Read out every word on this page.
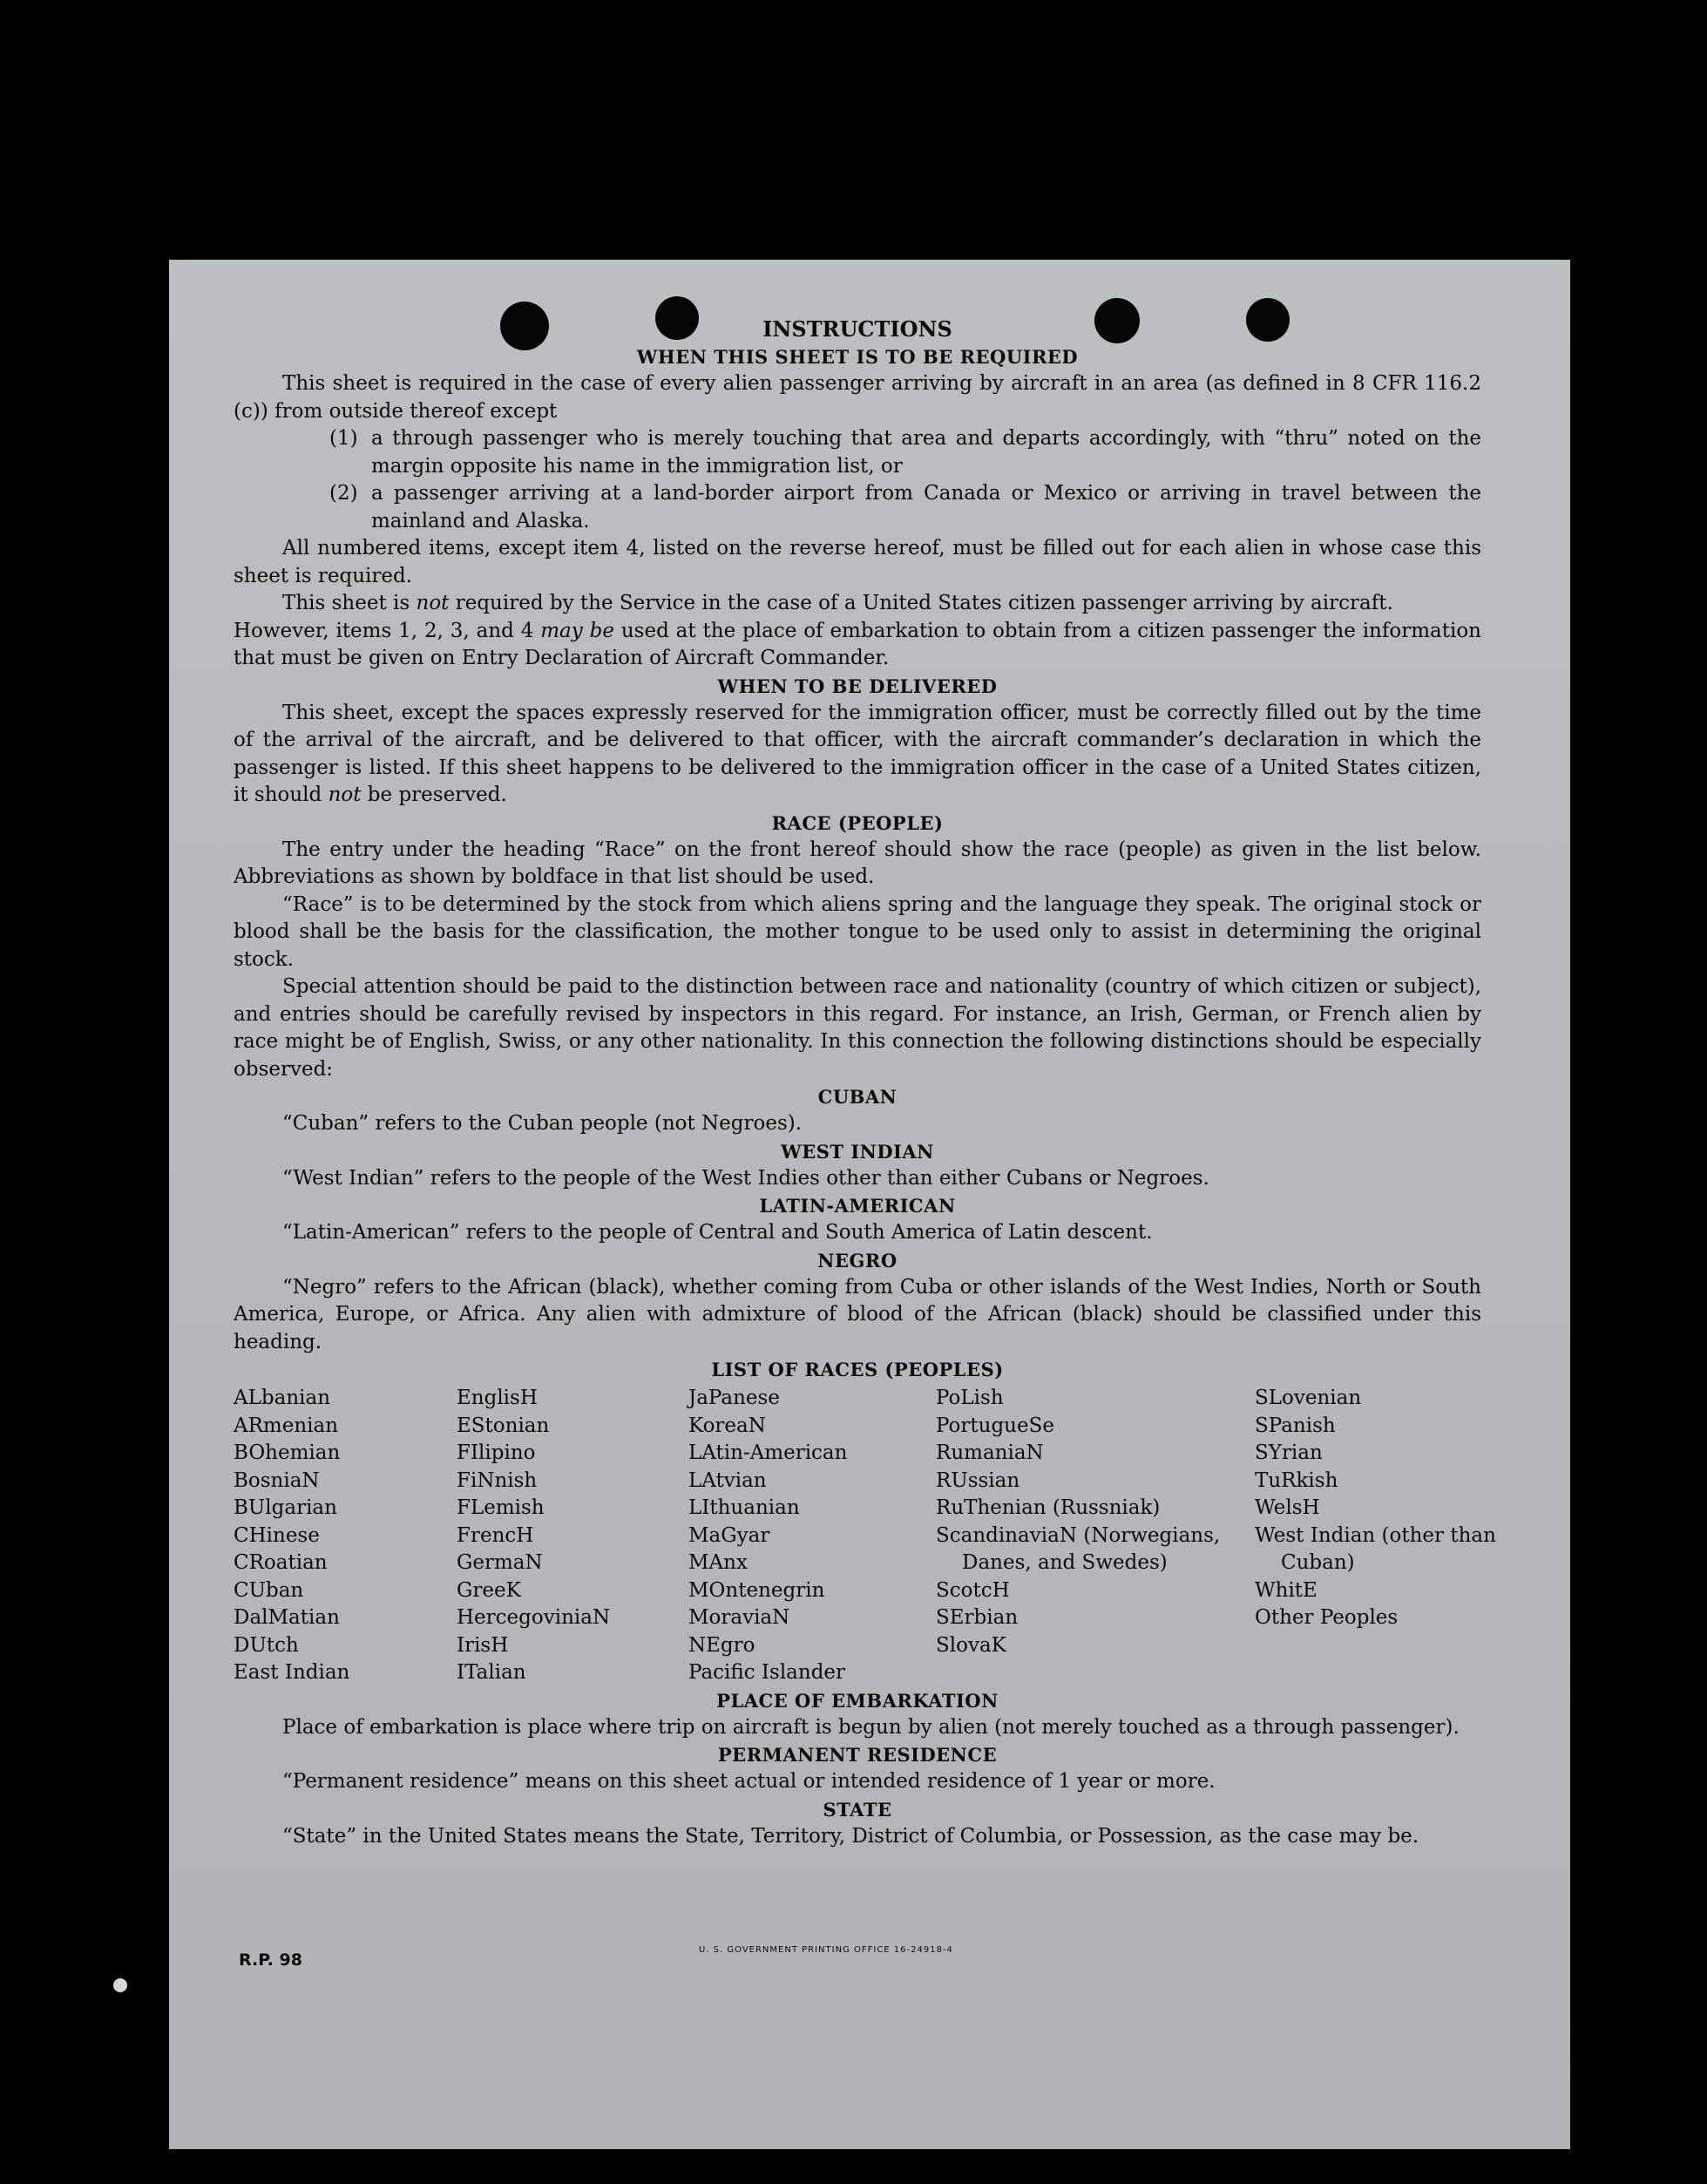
INSTRUCTIONS
WHEN THIS SHEET IS TO BE REQUIRED

This sheet is required in the case of every alien passenger arriving by aircraft in an area (as defined in 8 CFR 116.2 (c)) from outside thereof except

(1) a through passenger who is merely touching that area and departs accordingly, with “thru” noted on the margin opposite his name in the immigration list, or
(2) a passenger arriving at a land-border airport from Canada or Mexico or arriving in travel between the mainland and Alaska.

All numbered items, except item 4, listed on the reverse hereof, must be filled out for each alien in whose case this sheet is required.

This sheet is not required by the Service in the case of a United States citizen passenger arriving by aircraft.

However, items 1, 2, 3, and 4 may be used at the place of embarkation to obtain from a citizen passenger the information that must be given on Entry Declaration of Aircraft Commander.

WHEN TO BE DELIVERED

This sheet, except the spaces expressly reserved for the immigration officer, must be correctly filled out by the time of the arrival of the aircraft, and be delivered to that officer, with the aircraft commander’s declaration in which the passenger is listed. If this sheet happens to be delivered to the immigration officer in the case of a United States citizen, it should not be preserved.

RACE (PEOPLE)

The entry under the heading “Race” on the front hereof should show the race (people) as given in the list below. Abbreviations as shown by boldface in that list should be used.

“Race” is to be determined by the stock from which aliens spring and the language they speak. The original stock or blood shall be the basis for the classification, the mother tongue to be used only to assist in determining the original stock.

Special attention should be paid to the distinction between race and nationality (country of which citizen or subject), and entries should be carefully revised by inspectors in this regard. For instance, an Irish, German, or French alien by race might be of English, Swiss, or any other nationality. In this connection the following distinctions should be especially observed:

CUBAN

“Cuban” refers to the Cuban people (not Negroes).

WEST INDIAN

“West Indian” refers to the people of the West Indies other than either Cubans or Negroes.

LATIN-AMERICAN

“Latin-American” refers to the people of Central and South America of Latin descent.

NEGRO

“Negro” refers to the African (black), whether coming from Cuba or other islands of the West Indies, North or South America, Europe, or Africa. Any alien with admixture of blood of the African (black) should be classified under this heading.

LIST OF RACES (PEOPLES)
ALbanian
ARmenian
BOhemian
BosniaN
BUlgarian
CHinese
CRoatian
CUban
DalMatian
DUtch
East Indian
EnglisH
EStonian
FIlipino
FiNnish
FLemish
FrencH
GermaN
GreeK
HercegoviniaN
IrisH
ITalian
JaPanese
KoreaN
LAtin-American
LAtvian
LIthuanian
MaGyar
MAnx
MOntenegrin
MoraviaN
NEgro
Pacific Islander
PoLish
PortugueSe
RumaniaN
RUssian
RuThenian (Russniak)
ScandinaviaN (Norwegians, Danes, and Swedes)
ScotcH
SErbian
SlovaK
SLovenian
SPanish
SYrian
TuRkish
WelsH
West Indian (other than Cuban)
WhitE
Other Peoples
PLACE OF EMBARKATION

Place of embarkation is place where trip on aircraft is begun by alien (not merely touched as a through passenger).

PERMANENT RESIDENCE

“Permanent residence” means on this sheet actual or intended residence of 1 year or more.

STATE

“State” in the United States means the State, Territory, District of Columbia, or Possession, as the case may be.

R.P. 98
U. S. GOVERNMENT PRINTING OFFICE 16-24918-4
